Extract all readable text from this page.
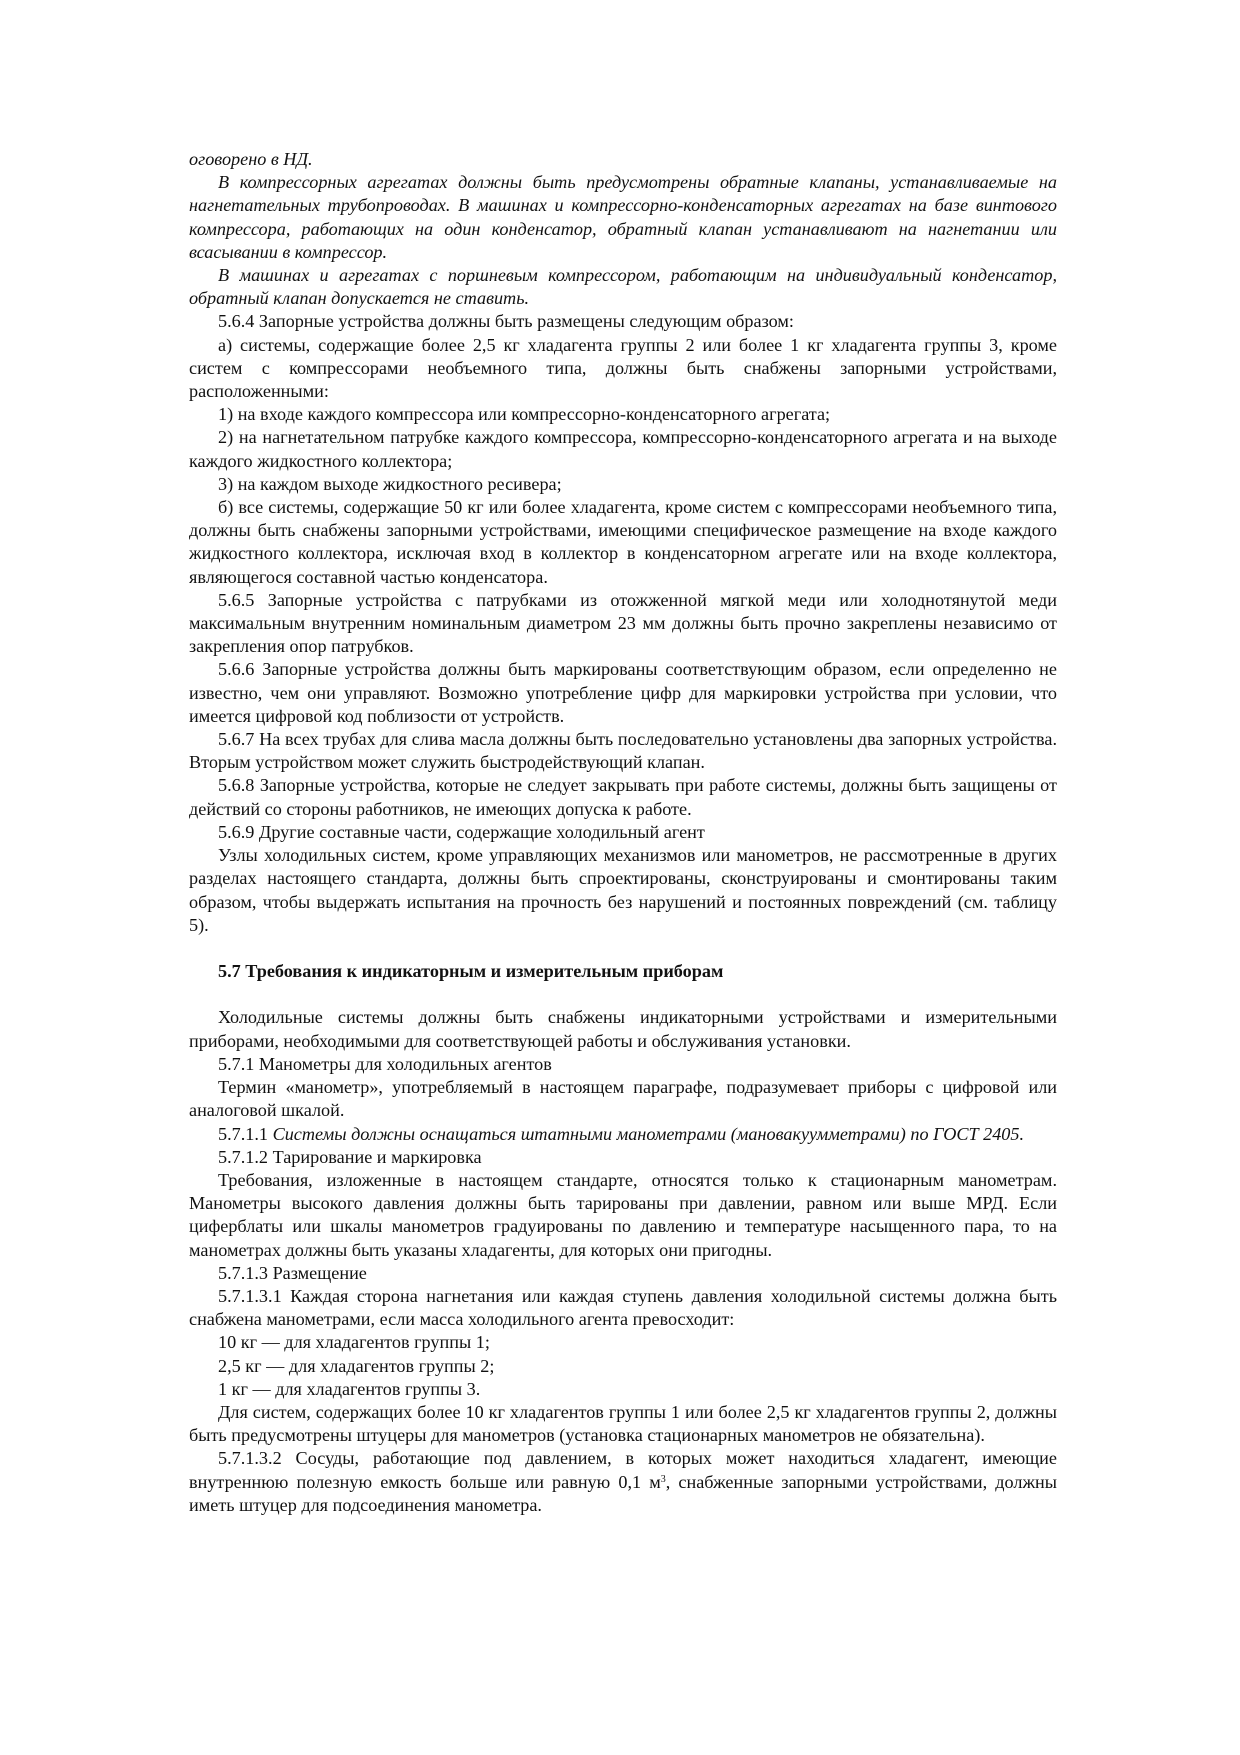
оговорено в НД.

В компрессорных агрегатах должны быть предусмотрены обратные клапаны, устанавливаемые на нагнетательных трубопроводах. В машинах и компрессорно-конденсаторных агрегатах на базе винтового компрессора, работающих на один конденсатор, обратный клапан устанавливают на нагнетании или всасывании в компрессор.

В машинах и агрегатах с поршневым компрессором, работающим на индивидуальный конденсатор, обратный клапан допускается не ставить.

5.6.4 Запорные устройства должны быть размещены следующим образом:

а) системы, содержащие более 2,5 кг хладагента группы 2 или более 1 кг хладагента группы 3, кроме систем с компрессорами необъемного типа, должны быть снабжены запорными устройствами, расположенными:

1) на входе каждого компрессора или компрессорно-конденсаторного агрегата;

2) на нагнетательном патрубке каждого компрессора, компрессорно-конденсаторного агрегата и на выходе каждого жидкостного коллектора;

3) на каждом выходе жидкостного ресивера;

б) все системы, содержащие 50 кг или более хладагента, кроме систем с компрессорами необъемного типа, должны быть снабжены запорными устройствами, имеющими специфическое размещение на входе каждого жидкостного коллектора, исключая вход в коллектор в конденсаторном агрегате или на входе коллектора, являющегося составной частью конденсатора.

5.6.5 Запорные устройства с патрубками из отожженной мягкой меди или холоднотянутой меди максимальным внутренним номинальным диаметром 23 мм должны быть прочно закреплены независимо от закрепления опор патрубков.

5.6.6 Запорные устройства должны быть маркированы соответствующим образом, если определенно не известно, чем они управляют. Возможно употребление цифр для маркировки устройства при условии, что имеется цифровой код поблизости от устройств.

5.6.7 На всех трубах для слива масла должны быть последовательно установлены два запорных устройства. Вторым устройством может служить быстродействующий клапан.

5.6.8 Запорные устройства, которые не следует закрывать при работе системы, должны быть защищены от действий со стороны работников, не имеющих допуска к работе.

5.6.9 Другие составные части, содержащие холодильный агент

Узлы холодильных систем, кроме управляющих механизмов или манометров, не рассмотренные в других разделах настоящего стандарта, должны быть спроектированы, сконструированы и смонтированы таким образом, чтобы выдержать испытания на прочность без нарушений и постоянных повреждений (см. таблицу 5).

5.7 Требования к индикаторным и измерительным приборам

Холодильные системы должны быть снабжены индикаторными устройствами и измерительными приборами, необходимыми для соответствующей работы и обслуживания установки.

5.7.1 Манометры для холодильных агентов

Термин «манометр», употребляемый в настоящем параграфе, подразумевает приборы с цифровой или аналоговой шкалой.

5.7.1.1 Системы должны оснащаться штатными манометрами (мановакуумметрами) по ГОСТ 2405.

5.7.1.2 Тарирование и маркировка

Требования, изложенные в настоящем стандарте, относятся только к стационарным манометрам. Манометры высокого давления должны быть тарированы при давлении, равном или выше МРД. Если циферблаты или шкалы манометров градуированы по давлению и температуре насыщенного пара, то на манометрах должны быть указаны хладагенты, для которых они пригодны.

5.7.1.3 Размещение

5.7.1.3.1 Каждая сторона нагнетания или каждая ступень давления холодильной системы должна быть снабжена манометрами, если масса холодильного агента превосходит:

10 кг — для хладагентов группы 1;

2,5 кг — для хладагентов группы 2;

1 кг — для хладагентов группы 3.

Для систем, содержащих более 10 кг хладагентов группы 1 или более 2,5 кг хладагентов группы 2, должны быть предусмотрены штуцеры для манометров (установка стационарных манометров не обязательна).

5.7.1.3.2 Сосуды, работающие под давлением, в которых может находиться хладагент, имеющие внутреннюю полезную емкость больше или равную 0,1 $м^3$, снабженные запорными устройствами, должны иметь штуцер для подсоединения манометра.
